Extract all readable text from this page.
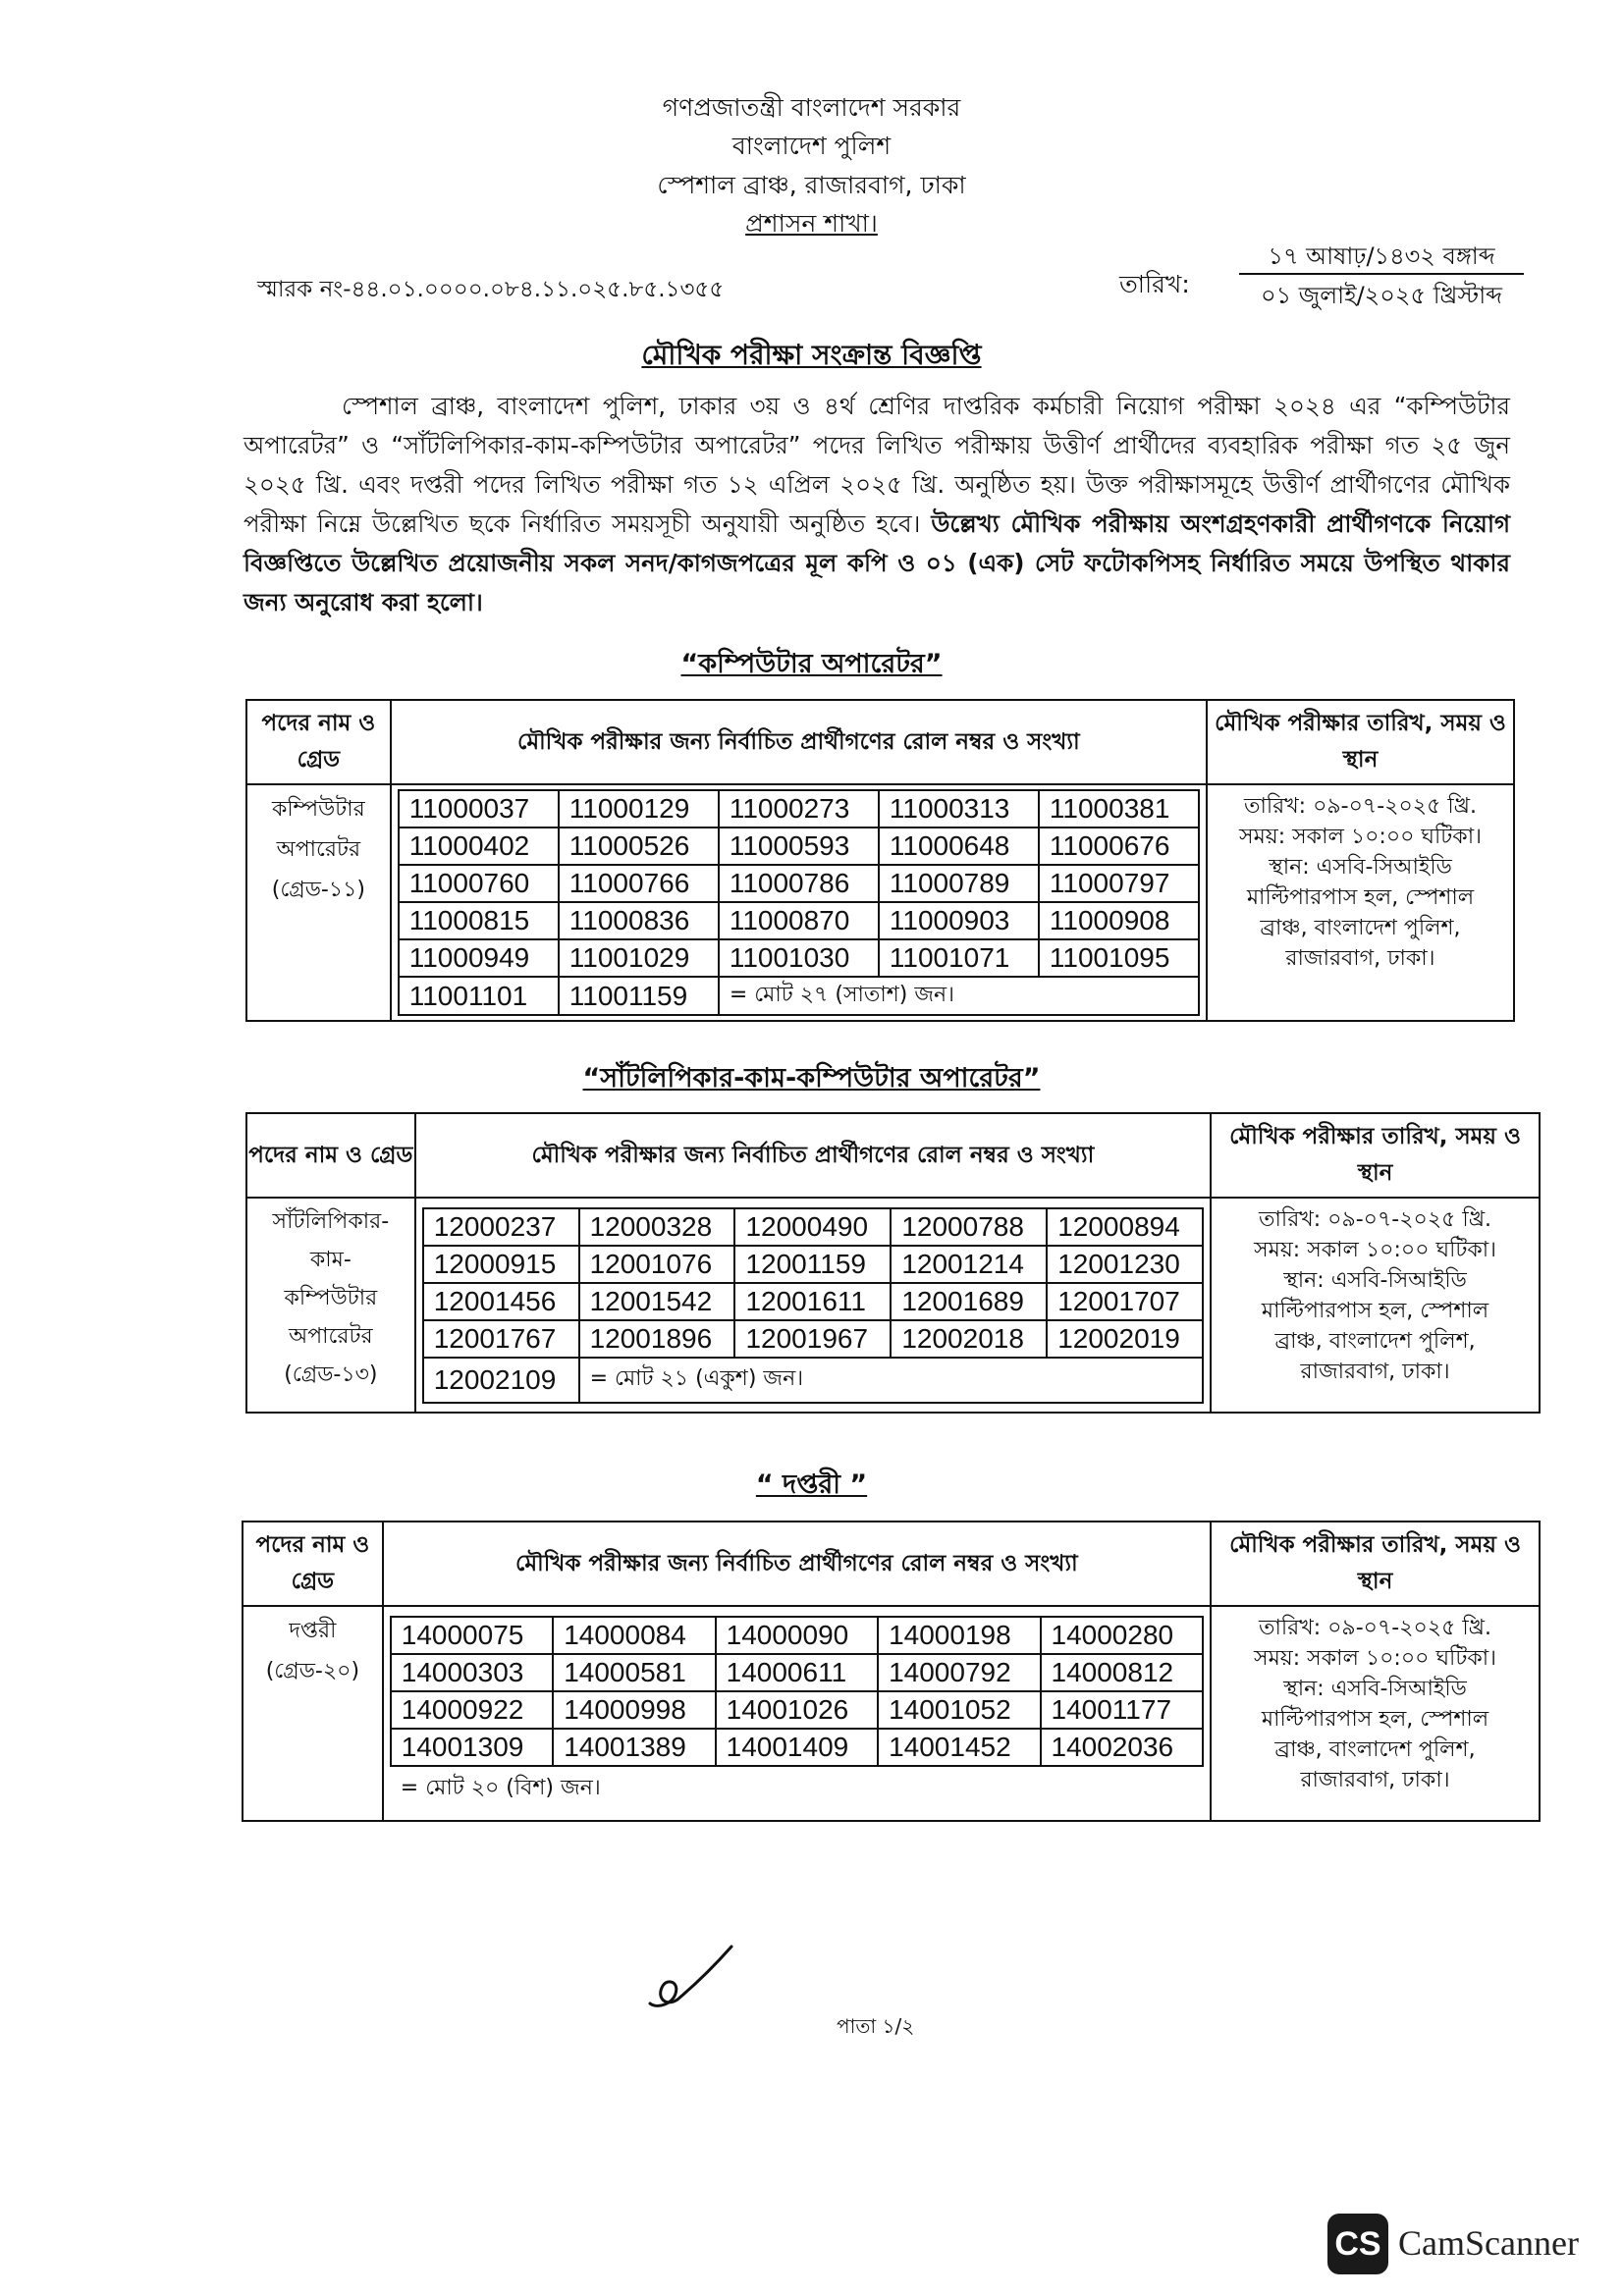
গণপ্রজাতন্ত্রী বাংলাদেশ সরকার
বাংলাদেশ পুলিশ
স্পেশাল ব্রাঞ্চ, রাজারবাগ, ঢাকা
প্রশাসন শাখা।
স্মারক নং-৪৪.০১.০০০০.০৮৪.১১.০২৫.৮৫.১৩৫৫	তারিখ:
১৭ আষাঢ়/১৪৩২ বঙ্গাব্দ
০১ জুলাই/২০২৫ খ্রিস্টাব্দ
মৌখিক পরীক্ষা সংক্রান্ত বিজ্ঞপ্তি
স্পেশাল ব্রাঞ্চ, বাংলাদেশ পুলিশ, ঢাকার ৩য় ও ৪র্থ শ্রেণির দাপ্তরিক কর্মচারী নিয়োগ পরীক্ষা ২০২৪ এর “কম্পিউটার অপারেটর” ও “সাঁটলিপিকার-কাম-কম্পিউটার অপারেটর” পদের লিখিত পরীক্ষায় উত্তীর্ণ প্রার্থীদের ব্যবহারিক পরীক্ষা গত ২৫ জুন ২০২৫ খ্রি. এবং দপ্তরী পদের লিখিত পরীক্ষা গত ১২ এপ্রিল ২০২৫ খ্রি. অনুষ্ঠিত হয়। উক্ত পরীক্ষাসমূহে উত্তীর্ণ প্রার্থীগণের মৌখিক পরীক্ষা নিম্নে উল্লেখিত ছকে নির্ধারিত সময়সূচী অনুযায়ী অনুষ্ঠিত হবে। উল্লেখ্য মৌখিক পরীক্ষায় অংশগ্রহণকারী প্রার্থীগণকে নিয়োগ বিজ্ঞপ্তিতে উল্লেখিত প্রয়োজনীয় সকল সনদ/কাগজপত্রের মূল কপি ও ০১ (এক) সেট ফটোকপিসহ নির্ধারিত সময়ে উপস্থিত থাকার জন্য অনুরোধ করা হলো।
“কম্পিউটার অপারেটর”
পদের নাম ও গ্রেড	মৌখিক পরীক্ষার জন্য নির্বাচিত প্রার্থীগণের রোল নম্বর ও সংখ্যা	মৌখিক পরীক্ষার তারিখ, সময় ও স্থান

কম্পিউটার
অপারেটর
(গ্রেড-১১)

11000037	11000129	11000273	11000313	11000381
11000402	11000526	11000593	11000648	11000676
11000760	11000766	11000786	11000789	11000797
11000815	11000836	11000870	11000903	11000908
11000949	11001029	11001030	11001071	11001095
11001101	11001159	= মোট ২৭ (সাতাশ) জন।

তারিখ: ০৯-০৭-২০২৫ খ্রি.
সময়: সকাল ১০:০০ ঘটিকা।
স্থান: এসবি-সিআইডি
মাল্টিপারপাস হল, স্পেশাল
ব্রাঞ্চ, বাংলাদেশ পুলিশ,
রাজারবাগ, ঢাকা।
“সাঁটলিপিকার-কাম-কম্পিউটার অপারেটর”
পদের নাম ও গ্রেড	মৌখিক পরীক্ষার জন্য নির্বাচিত প্রার্থীগণের রোল নম্বর ও সংখ্যা	মৌখিক পরীক্ষার তারিখ, সময় ও স্থান

সাঁটলিপিকার-
কাম-
কম্পিউটার
অপারেটর
(গ্রেড-১৩)

12000237	12000328	12000490	12000788	12000894
12000915	12001076	12001159	12001214	12001230
12001456	12001542	12001611	12001689	12001707
12001767	12001896	12001967	12002018	12002019
12002109	= মোট ২১ (একুশ) জন।

তারিখ: ০৯-০৭-২০২৫ খ্রি.
সময়: সকাল ১০:০০ ঘটিকা।
স্থান: এসবি-সিআইডি
মাল্টিপারপাস হল, স্পেশাল
ব্রাঞ্চ, বাংলাদেশ পুলিশ,
রাজারবাগ, ঢাকা।
“ দপ্তরী ”
পদের নাম ও গ্রেড	মৌখিক পরীক্ষার জন্য নির্বাচিত প্রার্থীগণের রোল নম্বর ও সংখ্যা	মৌখিক পরীক্ষার তারিখ, সময় ও স্থান

দপ্তরী
(গ্রেড-২০)

14000075	14000084	14000090	14000198	14000280
14000303	14000581	14000611	14000792	14000812
14000922	14000998	14001026	14001052	14001177
14001309	14001389	14001409	14001452	14002036
= মোট ২০ (বিশ) জন।

তারিখ: ০৯-০৭-২০২৫ খ্রি.
সময়: সকাল ১০:০০ ঘটিকা।
স্থান: এসবি-সিআইডি
মাল্টিপারপাস হল, স্পেশাল
ব্রাঞ্চ, বাংলাদেশ পুলিশ,
রাজারবাগ, ঢাকা।
পাতা ১/২
CS CamScanner
